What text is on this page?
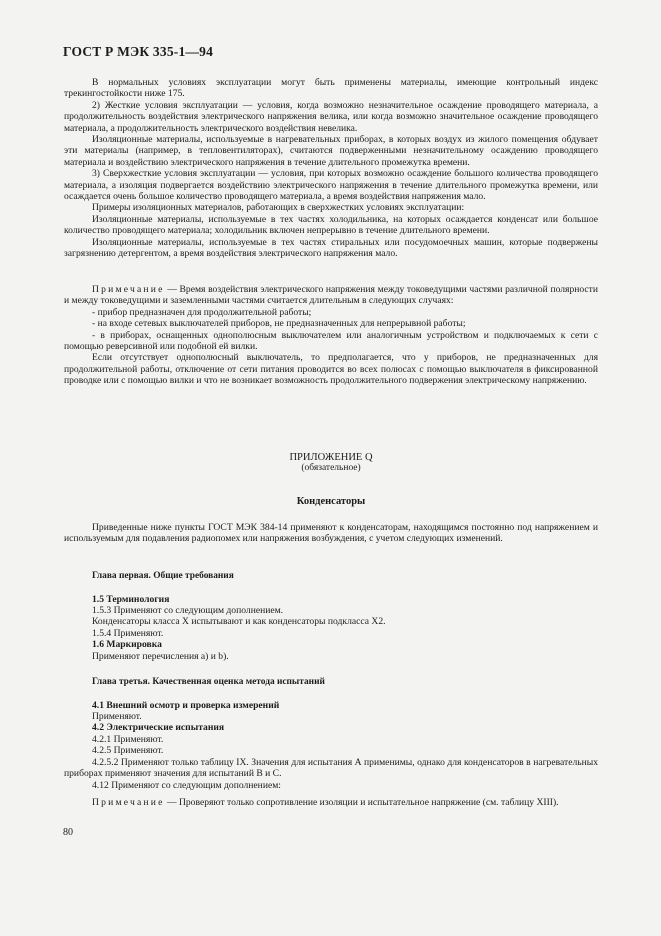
ГОСТ Р МЭК 335-1—94

В нормальных условиях эксплуатации могут быть применены материалы, имеющие контрольный индекс трекингостойкости ниже 175.

2) Жесткие условия эксплуатации — условия, когда возможно незначительное осаждение проводящего материала, а продолжительность воздействия электрического напряжения велика, или когда возможно значительное осаждение проводящего материала, а продолжительность электрического воздействия невелика.

Изоляционные материалы, используемые в нагревательных приборах, в которых воздух из жилого помещения обдувает эти материалы (например, в тепловентиляторах), считаются подверженными незначительному осаждению проводящего материала и воздействию электрического напряжения в течение длительного промежутка времени.

3) Сверхжесткие условия эксплуатации — условия, при которых возможно осаждение большого количества проводящего материала, а изоляция подвергается воздействию электрического напряжения в течение длительного промежутка времени, или осаждается очень большое количество проводящего материала, а время воздействия напряжения мало.

Примеры изоляционных материалов, работающих в сверхжестких условиях эксплуатации:

Изоляционные материалы, используемые в тех частях холодильника, на которых осаждается конденсат или большое количество проводящего материала; холодильник включен непрерывно в течение длительного времени.

Изоляционные материалы, используемые в тех частях стиральных или посудомоечных машин, которые подвержены загрязнению детергентом, а время воздействия электрического напряжения мало.

Примечание — Время воздействия электрического напряжения между токоведущими частями различной полярности и между токоведущими и заземленными частями считается длительным в следующих случаях:

- прибор предназначен для продолжительной работы;

- на входе сетевых выключателей приборов, не предназначенных для непрерывной работы;

- в приборах, оснащенных однополюсным выключателем или аналогичным устройством и подключаемых к сети с помощью реверсивной или подобной ей вилки.

Если отсутствует однополюсный выключатель, то предполагается, что у приборов, не предназначенных для продолжительной работы, отключение от сети питания проводится во всех полюсах с помощью выключателя в фиксированной проводке или с помощью вилки и что не возникает возможность продолжительного подвержения электрическому напряжению.

ПРИЛОЖЕНИЕ Q
(обязательное)
Конденсаторы

Приведенные ниже пункты ГОСТ МЭК 384-14 применяют к конденсаторам, находящимся постоянно под напряжением и используемым для подавления радиопомех или напряжения возбуждения, с учетом следующих изменений.

Глава первая. Общие требования
1.5 Терминология
1.5.3 Применяют со следующим дополнением.
Конденсаторы класса X испытывают и как конденсаторы подкласса X2.
1.5.4 Применяют.
1.6 Маркировка
Применяют перечисления а) и b).
Глава третья. Качественная оценка метода испытаний
4.1 Внешний осмотр и проверка измерений
Применяют.
4.2 Электрические испытания
4.2.1 Применяют.
4.2.5 Применяют.

4.2.5.2 Применяют только таблицу IX. Значения для испытания А применимы, однако для конденсаторов в нагревательных приборах применяют значения для испытаний В и С.

4.12 Применяют со следующим дополнением:

Примечание — Проверяют только сопротивление изоляции и испытательное напряжение (см. таблицу XIII).

80
